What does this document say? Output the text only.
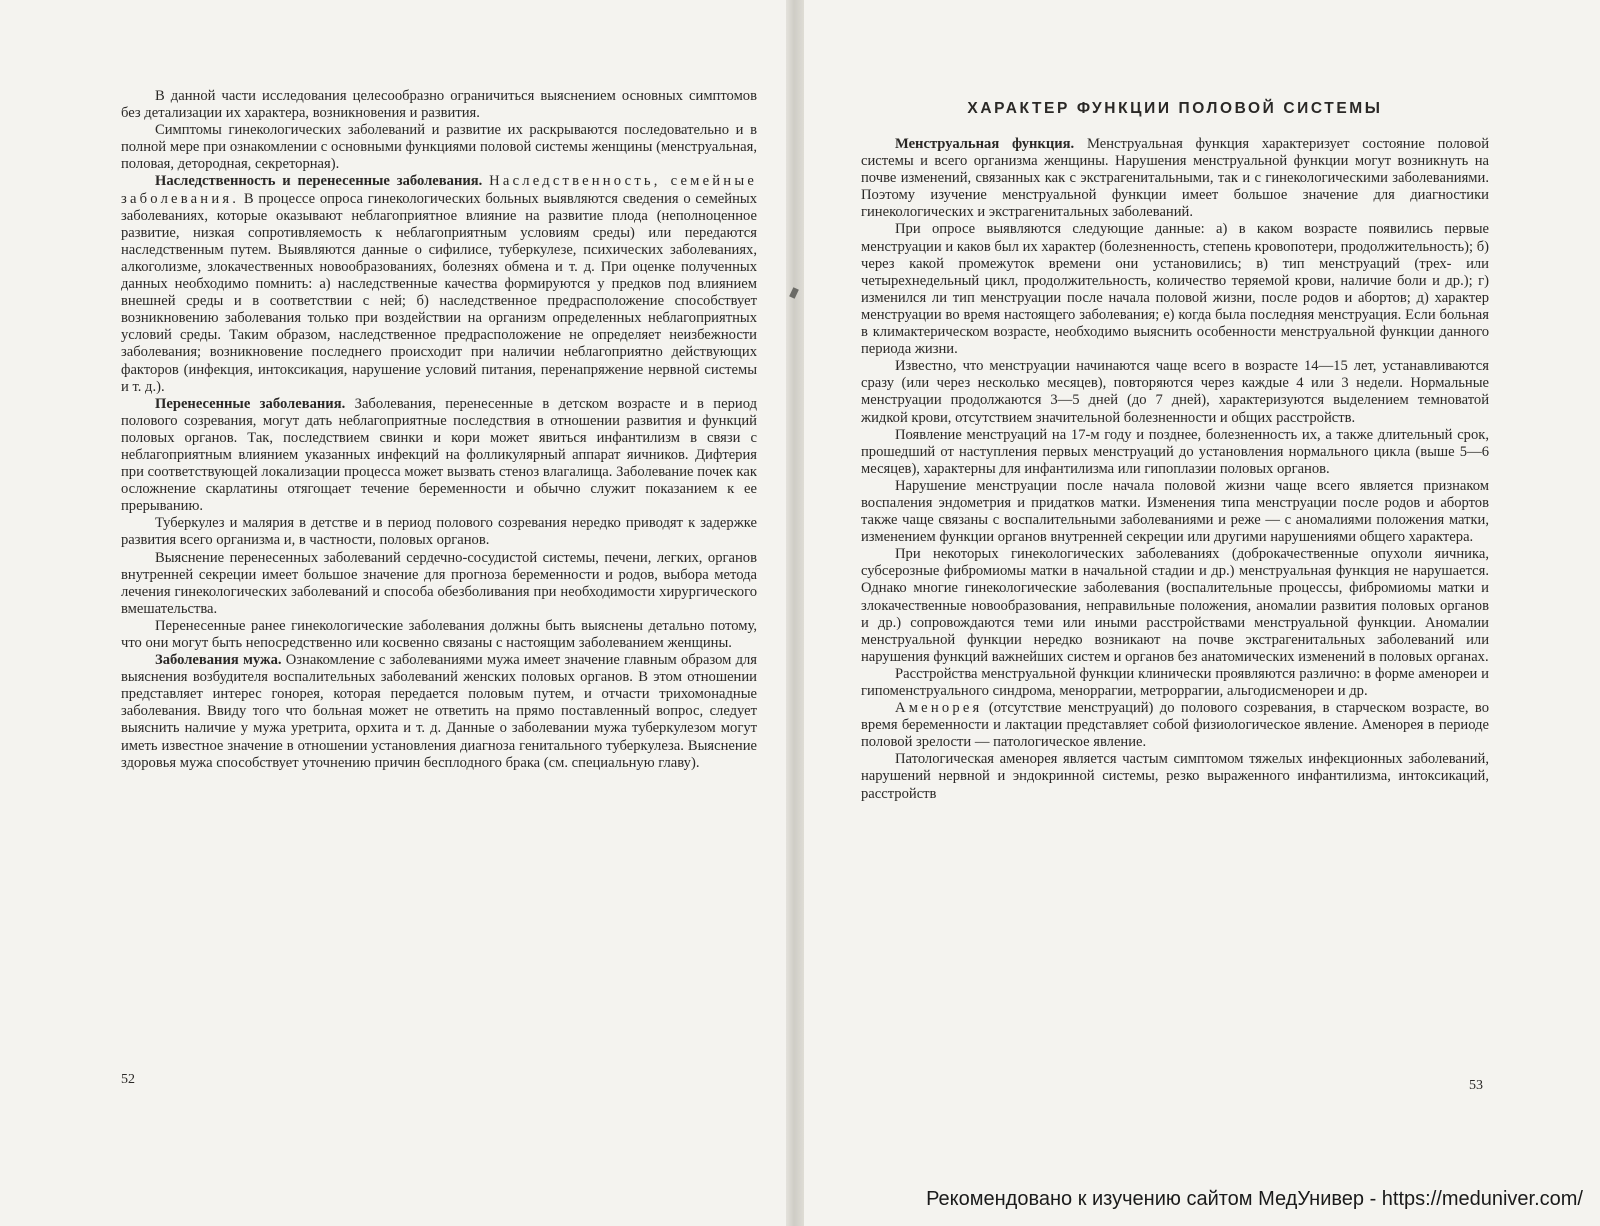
В данной части исследования целесообразно ограничиться выяснением основных симптомов без детализации их характера, возникновения и развития.

Симптомы гинекологических заболеваний и развитие их раскрываются последовательно и в полной мере при ознакомлении с основными функциями половой системы женщины (менструальная, половая, детородная, секреторная).

Наследственность и перенесенные заболевания. Наследственность, семейные заболевания. В процессе опроса гинекологических больных выявляются сведения о семейных заболеваниях, которые оказывают неблагоприятное влияние на развитие плода (неполноценное развитие, низкая сопротивляемость к неблагоприятным условиям среды) или передаются наследственным путем. Выявляются данные о сифилисе, туберкулезе, психических заболеваниях, алкоголизме, злокачественных новообразованиях, болезнях обмена и т. д. При оценке полученных данных необходимо помнить: а) наследственные качества формируются у предков под влиянием внешней среды и в соответствии с ней; б) наследственное предрасположение способствует возникновению заболевания только при воздействии на организм определенных неблагоприятных условий среды. Таким образом, наследственное предрасположение не определяет неизбежности заболевания; возникновение последнего происходит при наличии неблагоприятно действующих факторов (инфекция, интоксикация, нарушение условий питания, перенапряжение нервной системы и т. д.).

Перенесенные заболевания. Заболевания, перенесенные в детском возрасте и в период полового созревания, могут дать неблагоприятные последствия в отношении развития и функций половых органов. Так, последствием свинки и кори может явиться инфантилизм в связи с неблагоприятным влиянием указанных инфекций на фолликулярный аппарат яичников. Дифтерия при соответствующей локализации процесса может вызвать стеноз влагалища. Заболевание почек как осложнение скарлатины отягощает течение беременности и обычно служит показанием к ее прерыванию.

Туберкулез и малярия в детстве и в период полового созревания нередко приводят к задержке развития всего организма и, в частности, половых органов.

Выяснение перенесенных заболеваний сердечно-сосудистой системы, печени, легких, органов внутренней секреции имеет большое значение для прогноза беременности и родов, выбора метода лечения гинекологических заболеваний и способа обезболивания при необходимости хирургического вмешательства.

Перенесенные ранее гинекологические заболевания должны быть выяснены детально потому, что они могут быть непосредственно или косвенно связаны с настоящим заболеванием женщины.

Заболевания мужа. Ознакомление с заболеваниями мужа имеет значение главным образом для выяснения возбудителя воспалительных заболеваний женских половых органов. В этом отношении представляет интерес гонорея, которая передается половым путем, и отчасти трихомонадные заболевания. Ввиду того что больная может не ответить на прямо поставленный вопрос, следует выяснить наличие у мужа уретрита, орхита и т. д. Данные о заболевании мужа туберкулезом могут иметь известное значение в отношении установления диагноза генитального туберкулеза. Выяснение здоровья мужа способствует уточнению причин бесплодного брака (см. специальную главу).

52
ХАРАКТЕР ФУНКЦИИ ПОЛОВОЙ СИСТЕМЫ

Менструальная функция. Менструальная функция характеризует состояние половой системы и всего организма женщины. Нарушения менструальной функции могут возникнуть на почве изменений, связанных как с экстрагенитальными, так и с гинекологическими заболеваниями. Поэтому изучение менструальной функции имеет большое значение для диагностики гинекологических и экстрагенитальных заболеваний.

При опросе выявляются следующие данные: а) в каком возрасте появились первые менструации и каков был их характер (болезненность, степень кровопотери, продолжительность); б) через какой промежуток времени они установились; в) тип менструаций (трех- или четырехнедельный цикл, продолжительность, количество теряемой крови, наличие боли и др.); г) изменился ли тип менструации после начала половой жизни, после родов и абортов; д) характер менструации во время настоящего заболевания; е) когда была последняя менструация. Если больная в климактерическом возрасте, необходимо выяснить особенности менструальной функции данного периода жизни.

Известно, что менструации начинаются чаще всего в возрасте 14—15 лет, устанавливаются сразу (или через несколько месяцев), повторяются через каждые 4 или 3 недели. Нормальные менструации продолжаются 3—5 дней (до 7 дней), характеризуются выделением темноватой жидкой крови, отсутствием значительной болезненности и общих расстройств.

Появление менструаций на 17-м году и позднее, болезненность их, а также длительный срок, прошедший от наступления первых менструаций до установления нормального цикла (выше 5—6 месяцев), характерны для инфантилизма или гипоплазии половых органов.

Нарушение менструации после начала половой жизни чаще всего является признаком воспаления эндометрия и придатков матки. Изменения типа менструации после родов и абортов также чаще связаны с воспалительными заболеваниями и реже — с аномалиями положения матки, изменением функции органов внутренней секреции или другими нарушениями общего характера.

При некоторых гинекологических заболеваниях (доброкачественные опухоли яичника, субсерозные фибромиомы матки в начальной стадии и др.) менструальная функция не нарушается. Однако многие гинекологические заболевания (воспалительные процессы, фибромиомы матки и злокачественные новообразования, неправильные положения, аномалии развития половых органов и др.) сопровождаются теми или иными расстройствами менструальной функции. Аномалии менструальной функции нередко возникают на почве экстрагенитальных заболеваний или нарушения функций важнейших систем и органов без анатомических изменений в половых органах.

Расстройства менструальной функции клинически проявляются различно: в форме аменореи и гипоменструального синдрома, меноррагии, метроррагии, альгодисменореи и др.

Аменорея (отсутствие менструаций) до полового созревания, в старческом возрасте, во время беременности и лактации представляет собой физиологическое явление. Аменорея в периоде половой зрелости — патологическое явление.

Патологическая аменорея является частым симптомом тяжелых инфекционных заболеваний, нарушений нервной и эндокринной системы, резко выраженного инфантилизма, интоксикаций, расстройств

53
Рекомендовано к изучению сайтом МедУнивер - https://meduniver.com/
